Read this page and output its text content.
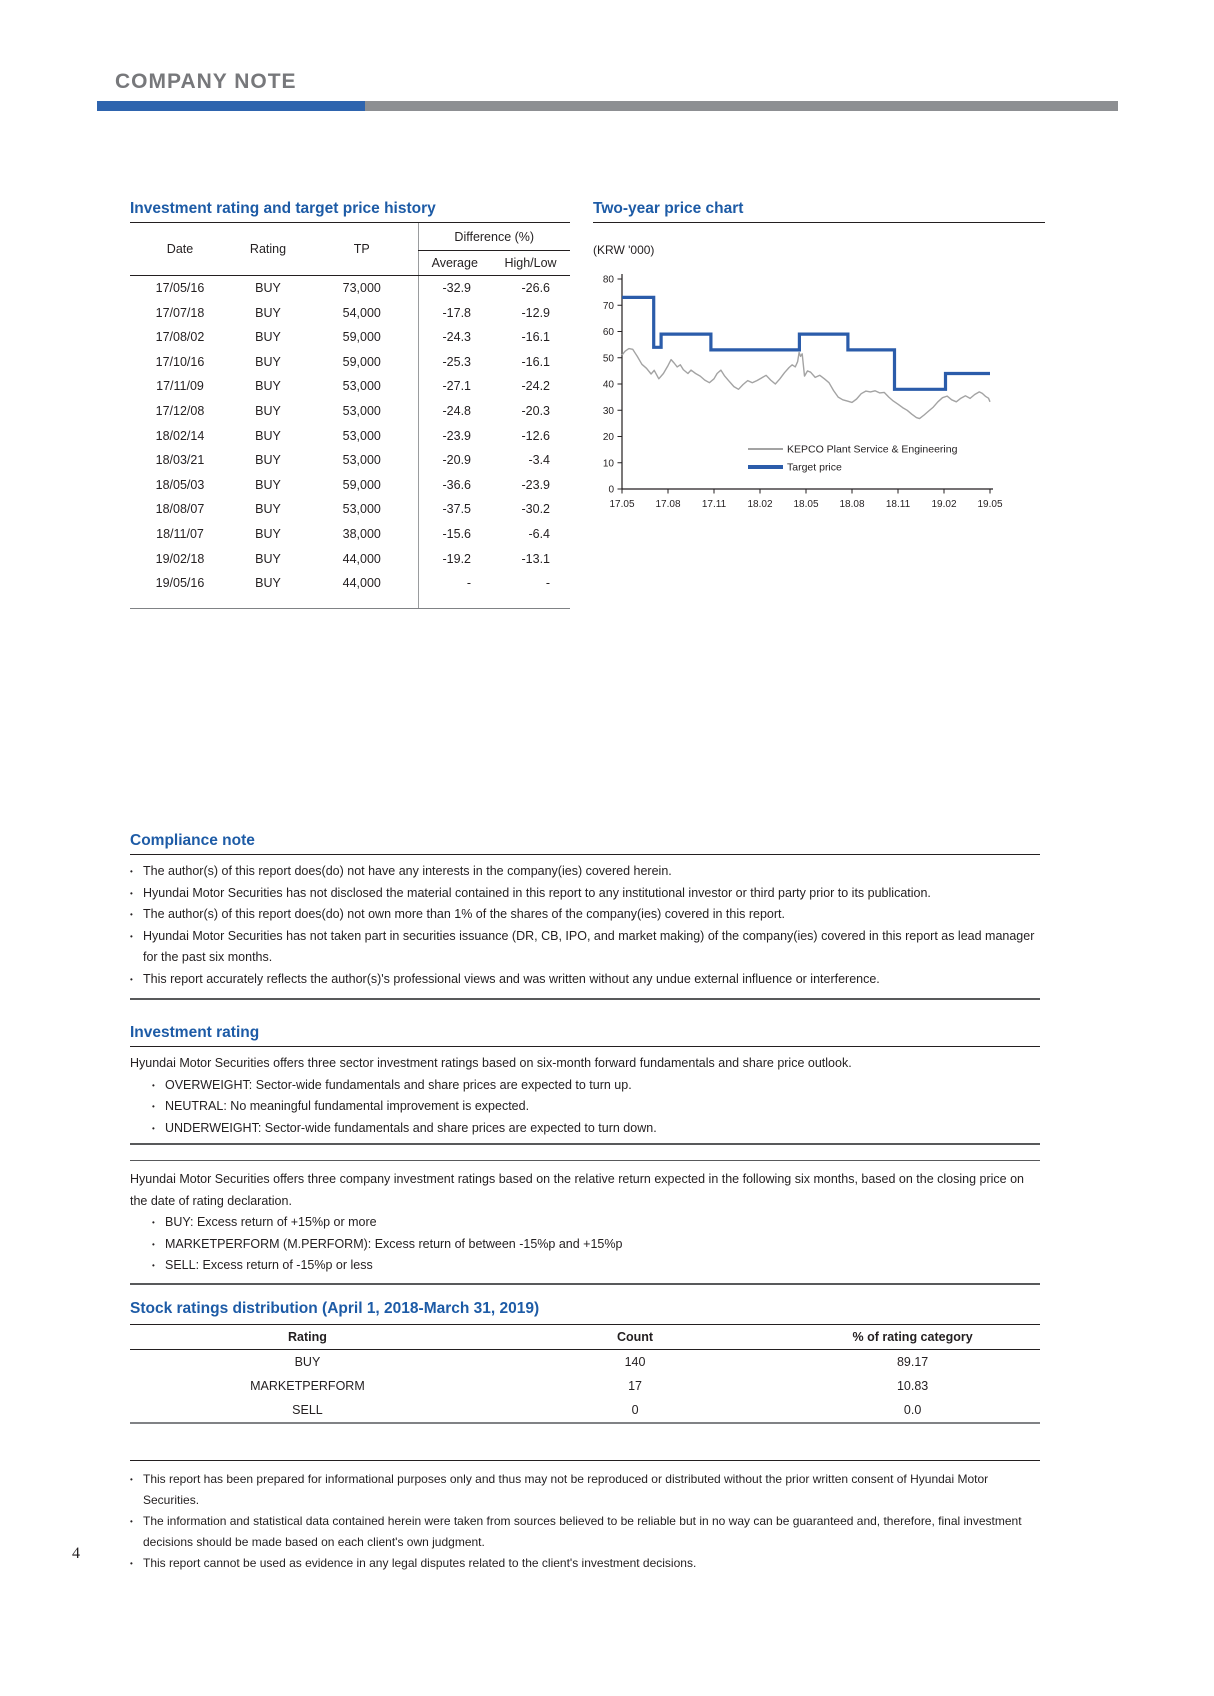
COMPANY NOTE
Investment rating and target price history
Date	Rating	TP	Difference (%)	
			Average	High/Low
17/05/16	BUY	73,000	-32.9	-26.6
17/07/18	BUY	54,000	-17.8	-12.9
17/08/02	BUY	59,000	-24.3	-16.1
17/10/16	BUY	59,000	-25.3	-16.1
17/11/09	BUY	53,000	-27.1	-24.2
17/12/08	BUY	53,000	-24.8	-20.3
18/02/14	BUY	53,000	-23.9	-12.6
18/03/21	BUY	53,000	-20.9	-3.4
18/05/03	BUY	59,000	-36.6	-23.9
18/08/07	BUY	53,000	-37.5	-30.2
18/11/07	BUY	38,000	-15.6	-6.4
19/02/18	BUY	44,000	-19.2	-13.1
19/05/16	BUY	44,000	-	-

Two-year price chart
(KRW '000)
0
10
20
30
40
50
60
70
80
17.05 17.08 17.11 18.02 18.05 18.08 18.11 19.02 19.05
KEPCO Plant Service & Engineering
Target price
Compliance note
• The author(s) of this report does(do) not have any interests in the company(ies) covered herein.
• Hyundai Motor Securities has not disclosed the material contained in this report to any institutional investor or third party prior to its publication.
• The author(s) of this report does(do) not own more than 1% of the shares of the company(ies) covered in this report.
• Hyundai Motor Securities has not taken part in securities issuance (DR, CB, IPO, and market making) of the company(ies) covered in this report as lead manager for the past six months.
• This report accurately reflects the author(s)'s professional views and was written without any undue external influence or interference.
Investment rating
Hyundai Motor Securities offers three sector investment ratings based on six-month forward fundamentals and share price outlook.
• OVERWEIGHT: Sector-wide fundamentals and share prices are expected to turn up.
• NEUTRAL: No meaningful fundamental improvement is expected.
• UNDERWEIGHT: Sector-wide fundamentals and share prices are expected to turn down.
Hyundai Motor Securities offers three company investment ratings based on the relative return expected in the following six months, based on the closing price on the date of rating declaration.
• BUY: Excess return of +15%p or more
• MARKETPERFORM (M.PERFORM): Excess return of between -15%p and +15%p
• SELL: Excess return of -15%p or less
Stock ratings distribution (April 1, 2018-March 31, 2019)
Rating	Count	% of rating category
BUY	140	89.17
MARKETPERFORM	17	10.83
SELL	0	0.0
• This report has been prepared for informational purposes only and thus may not be reproduced or distributed without the prior written consent of Hyundai Motor Securities.
• The information and statistical data contained herein were taken from sources believed to be reliable but in no way can be guaranteed and, therefore, final investment decisions should be made based on each client's own judgment.
• This report cannot be used as evidence in any legal disputes related to the client's investment decisions.
4
